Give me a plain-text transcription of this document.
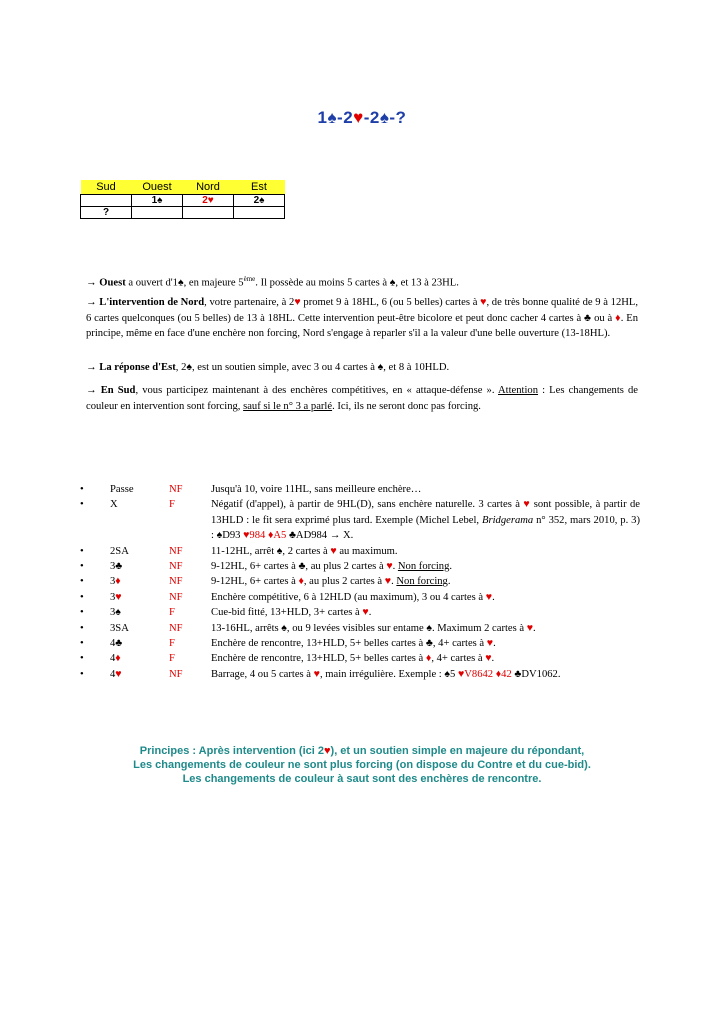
1♠-2♥-2♠-?
Sud	Ouest	Nord	Est
	1♠	2♥	2♠
?			
→ Ouest a ouvert d'1♠, en majeure 5ème. Il possède au moins 5 cartes à ♠, et 13 à 23HL.
→ L'intervention de Nord, votre partenaire, à 2♥ promet 9 à 18HL, 6 (ou 5 belles) cartes à ♥, de très bonne qualité de 9 à 12HL, 6 cartes quelconques (ou 5 belles) de 13 à 18HL. Cette intervention peut-être bicolore et peut donc cacher 4 cartes à ♣ ou à ♦. En principe, même en face d'une enchère non forcing, Nord s'engage à reparler s'il a la valeur d'une belle ouverture (13-18HL).
→ La réponse d'Est, 2♠, est un soutien simple, avec 3 ou 4 cartes à ♠, et 8 à 10HLD.
→ En Sud, vous participez maintenant à des enchères compétitives, en « attaque-défense ». Attention : Les changements de couleur en intervention sont forcing, sauf si le n° 3 a parlé. Ici, ils ne seront donc pas forcing.
•	Passe	NF	Jusqu'à 10, voire 11HL, sans meilleure enchère…
•	X	F	Négatif (d'appel), à partir de 9HL(D), sans enchère naturelle. 3 cartes à ♥ sont possible, à partir de 13HLD : le fit sera exprimé plus tard. Exemple (Michel Lebel, Bridgerama n° 352, mars 2010, p. 3) : ♠D93 ♥984 ♦A5 ♣AD984 → X.
•	2SA	NF	11-12HL, arrêt ♠, 2 cartes à ♥ au maximum.
•	3♣	NF	9-12HL, 6+ cartes à ♣, au plus 2 cartes à ♥. Non forcing.
•	3♦	NF	9-12HL, 6+ cartes à ♦, au plus 2 cartes à ♥. Non forcing.
•	3♥	NF	Enchère compétitive, 6 à 12HLD (au maximum), 3 ou 4 cartes à ♥.
•	3♠	F	Cue-bid fitté, 13+HLD, 3+ cartes à ♥.
•	3SA	NF	13-16HL, arrêts ♠, ou 9 levées visibles sur entame ♠. Maximum 2 cartes à ♥.
•	4♣	F	Enchère de rencontre, 13+HLD, 5+ belles cartes à ♣, 4+ cartes à ♥.
•	4♦	F	Enchère de rencontre, 13+HLD, 5+ belles cartes à ♦, 4+ cartes à ♥.
•	4♥	NF	Barrage, 4 ou 5 cartes à ♥, main irrégulière. Exemple : ♠5 ♥V8642 ♦42 ♣DV1062.
Principes : Après intervention (ici 2♥), et un soutien simple en majeure du répondant,
Les changements de couleur ne sont plus forcing (on dispose du Contre et du cue-bid).
Les changements de couleur à saut sont des enchères de rencontre.
